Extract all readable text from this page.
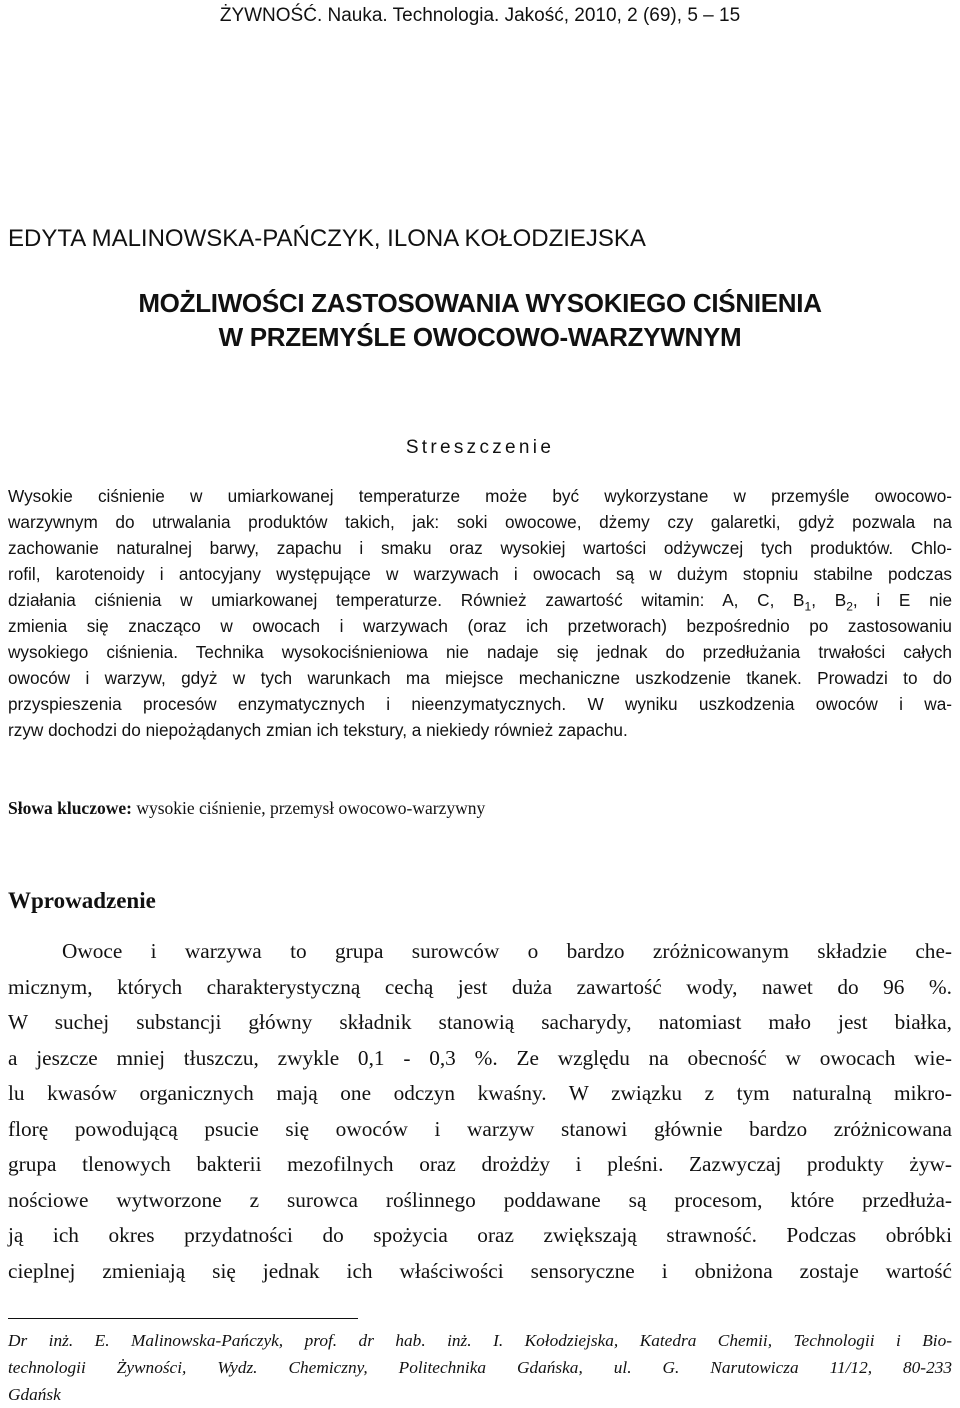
ŻYWNOŚĆ. Nauka. Technologia. Jakość, 2010, 2 (69), 5 – 15
EDYTA MALINOWSKA-PAŃCZYK, ILONA KOŁODZIEJSKA
MOŻLIWOŚCI ZASTOSOWANIA WYSOKIEGO CIŚNIENIA
W PRZEMYŚLE OWOCOWO-WARZYWNYM
Streszczenie
Wysokie ciśnienie w umiarkowanej temperaturze może być wykorzystane w przemyśle owocowo-
warzywnym do utrwalania produktów takich, jak: soki owocowe, dżemy czy galaretki, gdyż pozwala na
zachowanie naturalnej barwy, zapachu i smaku oraz wysokiej wartości odżywczej tych produktów. Chlo-
rofil, karotenoidy i antocyjany występujące w warzywach i owocach są w dużym stopniu stabilne podczas
działania ciśnienia w umiarkowanej temperaturze. Również zawartość witamin: A, C, $B_1$, $B_2$, i E nie
zmienia się znacząco w owocach i warzywach (oraz ich przetworach) bezpośrednio po zastosowaniu
wysokiego ciśnienia. Technika wysokociśnieniowa nie nadaje się jednak do przedłużania trwałości całych
owoców i warzyw, gdyż w tych warunkach ma miejsce mechaniczne uszkodzenie tkanek. Prowadzi to do
przyspieszenia procesów enzymatycznych i nieenzymatycznych. W wyniku uszkodzenia owoców i wa-
rzyw dochodzi do niepożądanych zmian ich tekstury, a niekiedy również zapachu.
Słowa kluczowe: wysokie ciśnienie, przemysł owocowo-warzywny
Wprowadzenie
Owoce i warzywa to grupa surowców o bardzo zróżnicowanym składzie che-
micznym, których charakterystyczną cechą jest duża zawartość wody, nawet do 96 %.
W suchej substancji główny składnik stanowią sacharydy, natomiast mało jest białka,
a jeszcze mniej tłuszczu, zwykle 0,1 - 0,3 %. Ze względu na obecność w owocach wie-
lu kwasów organicznych mają one odczyn kwaśny. W związku z tym naturalną mikro-
florę powodującą psucie się owoców i warzyw stanowi głównie bardzo zróżnicowana
grupa tlenowych bakterii mezofilnych oraz drożdży i pleśni. Zazwyczaj produkty żyw-
nościowe wytworzone z surowca roślinnego poddawane są procesom, które przedłuża-
ją ich okres przydatności do spożycia oraz zwiększają strawność. Podczas obróbki
cieplnej zmieniają się jednak ich właściwości sensoryczne i obniżona zostaje wartość
Dr inż. E. Malinowska-Pańczyk, prof. dr hab. inż. I. Kołodziejska, Katedra Chemii, Technologii i Bio-
technologii Żywności, Wydz. Chemiczny, Politechnika Gdańska, ul. G. Narutowicza 11/12, 80-233
Gdańsk
